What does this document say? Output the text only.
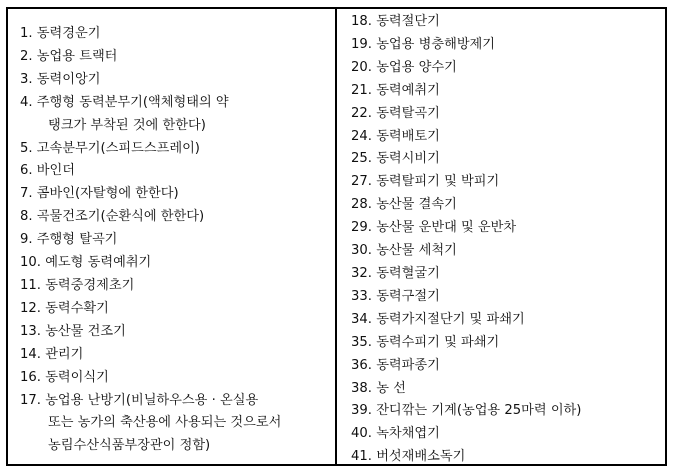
1. 동력경운기
2. 농업용 트랙터
3. 동력이앙기
4. 주행형 동력분무기(액체형태의 약
탱크가 부착된 것에 한한다)
5. 고속분무기(스피드스프레이)
6. 바인더
7. 콤바인(자탈형에 한한다)
8. 곡물건조기(순환식에 한한다)
9. 주행형 탈곡기
10. 예도형 동력예취기
11. 동력중경제초기
12. 동력수확기
13. 농산물 건조기
14. 관리기
16. 동력이식기
17. 농업용 난방기(비닐하우스용 · 온실용
또는 농가의 축산용에 사용되는 것으로서
농림수산식품부장관이 정함)
18. 동력절단기
19. 농업용 병충해방제기
20. 농업용 양수기
21. 동력예취기
22. 동력탈곡기
24. 동력배토기
25. 동력시비기
27. 동력탈피기 및 박피기
28. 농산물 결속기
29. 농산물 운반대 및 운반차
30. 농산물 세척기
32. 동력혈굴기
33. 동력구절기
34. 동력가지절단기 및 파쇄기
35. 동력수피기 및 파쇄기
36. 동력파종기
38. 농 선
39. 잔디깎는 기계(농업용 25마력 이하)
40. 녹차채엽기
41. 버섯재배소독기
